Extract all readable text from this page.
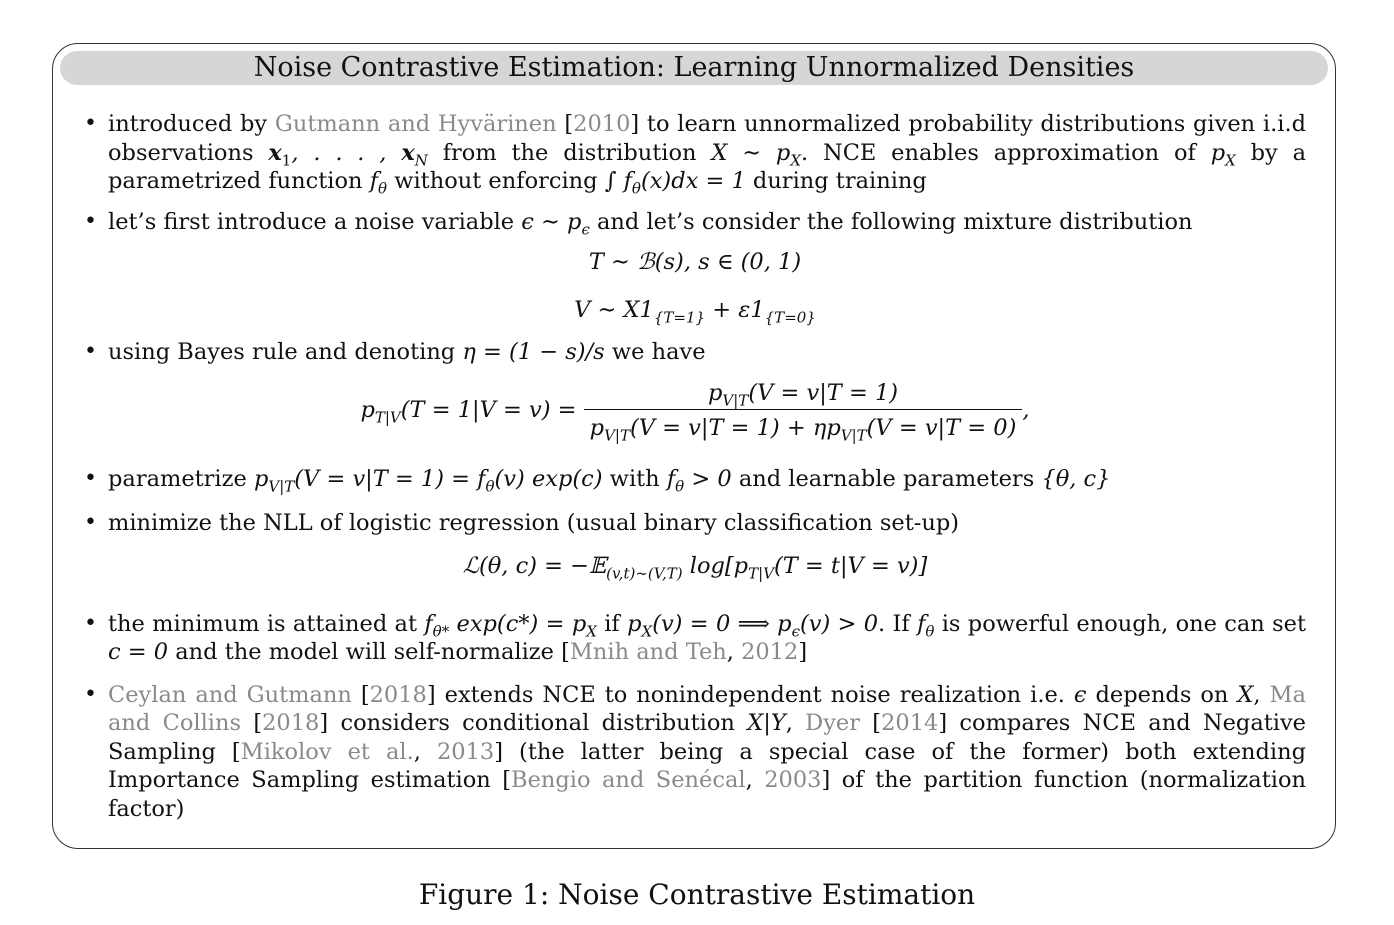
Noise Contrastive Estimation: Learning Unnormalized Densities
• introduced by Gutmann and Hyvärinen [2010] to learn unnormalized probability distributions given i.i.d observations $x_1$, . . . , $x_N$ from the distribution X ∼ $p_X$. NCE enables approximation of $p_X$ by a parametrized function $f_\theta$ without enforcing ∫ $f_\theta(x)dx = 1$ during training
• let’s first introduce a noise variable ϵ ∼ $p_\epsilon$ and let’s consider the following mixture distribution
T ∼ ℬ(s), s ∈ (0, 1)
V ∼ $X1_{\{T=1\}} + \varepsilon 1_{\{T=0\}}$
• using Bayes rule and denoting η = (1 − s)/s we have
$p_{T|V}(T = 1|V = v) = \frac{p_{V|T}(V = v|T = 1)}{p_{V|T}(V = v|T = 1) + \eta p_{V|T}(V = v|T = 0)}$ ,
• parametrize $p_{V|T}(V = v|T = 1) = f_\theta(v)$ exp(c) with $f_\theta > 0$ and learnable parameters {θ, c}
• minimize the NLL of logistic regression (usual binary classification set-up)
ℒ(θ, c) = −𝔼$_{(v,t)\sim(V,T)}$ $\log[p_{T|V}(T = t|V = v)]$
• the minimum is attained at $f_{\theta*}$ $\exp(c*) = p_X$ if $p_X(v) = 0$ ⟹ $p_\epsilon(v) > 0$. If $f_\theta$ is powerful enough, one can set c = 0 and the model will self-normalize [Mnih and Teh, 2012]
• Ceylan and Gutmann [2018] extends NCE to nonindependent noise realization i.e. ϵ depends on X, Ma and Collins [2018] considers conditional distribution X|Y, Dyer [2014] compares NCE and Negative Sampling [Mikolov et al., 2013] (the latter being a special case of the former) both extending Importance Sampling estimation [Bengio and Senécal, 2003] of the partition function (normalization factor)
Figure 1: Noise Contrastive Estimation
